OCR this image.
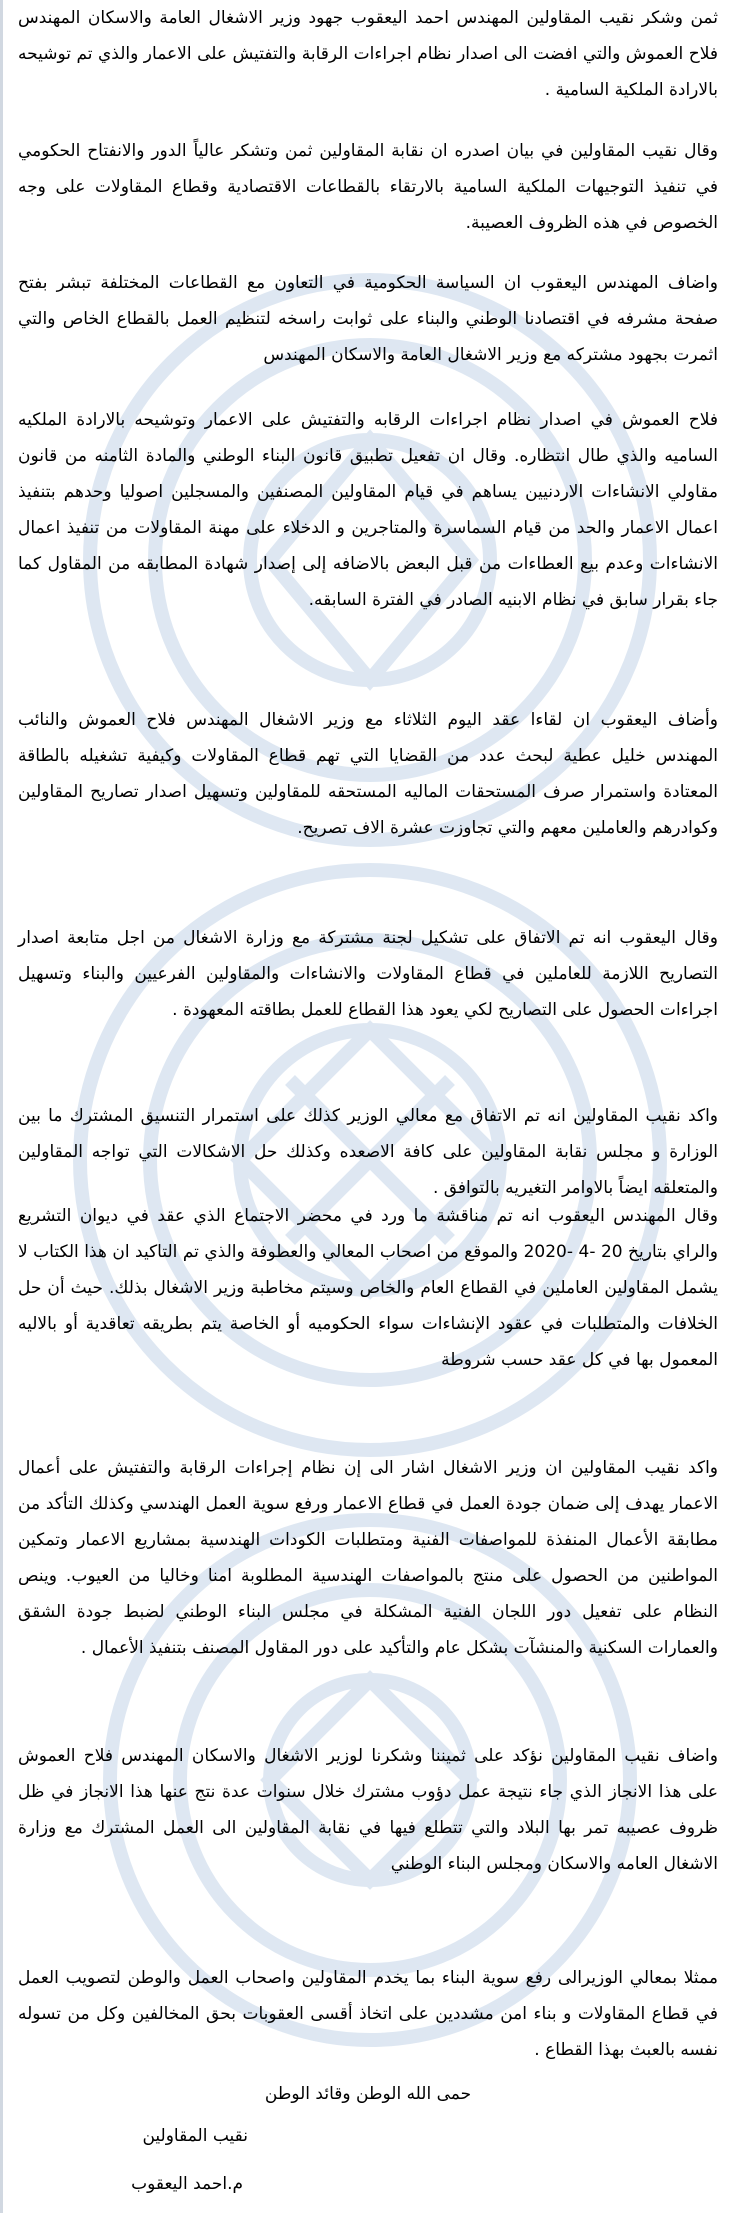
ثمن وشكر نقيب المقاولين المهندس احمد اليعقوب جهود وزير الاشغال العامة والاسكان المهندس فلاح العموش والتي افضت الى اصدار نظام اجراءات الرقابة والتفتيش على الاعمار والذي تم توشيحه بالارادة الملكية السامية .

وقال نقيب المقاولين في بيان اصدره ان نقابة المقاولين ثمن وتشكر عالياً الدور والانفتاح الحكومي في تنفيذ التوجيهات الملكية السامية بالارتقاء بالقطاعات الاقتصادية وقطاع المقاولات على وجه الخصوص في هذه الظروف العصيبة.

واضاف المهندس اليعقوب ان السياسة الحكومية في التعاون مع القطاعات المختلفة تبشر بفتح صفحة مشرفه في اقتصادنا الوطني والبناء على ثوابت راسخه لتنظيم العمل بالقطاع الخاص والتي اثمرت بجهود مشتركه مع وزير الاشغال العامة والاسكان المهندس

فلاح العموش في اصدار نظام اجراءات الرقابه والتفتيش على الاعمار وتوشيحه بالارادة الملكيه الساميه والذي طال انتظاره. وقال ان تفعيل تطبيق قانون البناء الوطني والمادة الثامنه من قانون مقاولي الانشاءات الاردنيين يساهم في قيام المقاولين المصنفين والمسجلين اصوليا وحدهم بتنفيذ اعمال الاعمار والحد من قيام السماسرة والمتاجرين و الدخلاء على مهنة المقاولات من تنفيذ اعمال الانشاءات وعدم بيع العطاءات من قبل البعض بالاضافه إلى إصدار شهادة المطابقه من المقاول كما جاء بقرار سابق في نظام الابنيه الصادر في الفترة السابقه.

وأضاف اليعقوب ان لقاءا عقد اليوم الثلاثاء مع وزير الاشغال المهندس فلاح العموش والنائب المهندس خليل عطية لبحث عدد من القضايا التي تهم قطاع المقاولات وكيفية تشغيله بالطاقة المعتادة واستمرار صرف المستحقات الماليه المستحقه للمقاولين وتسهيل اصدار تصاريح المقاولين وكوادرهم والعاملين معهم والتي تجاوزت عشرة الاف تصريح.

وقال اليعقوب انه تم الاتفاق على تشكيل لجنة مشتركة مع وزارة الاشغال من اجل متابعة اصدار التصاريح اللازمة للعاملين في قطاع المقاولات والانشاءات والمقاولين الفرعيين والبناء وتسهيل اجراءات الحصول على التصاريح لكي يعود هذا القطاع للعمل بطاقته المعهودة .

واكد نقيب المقاولين انه تم الاتفاق مع معالي الوزير كذلك على استمرار التنسيق المشترك ما بين الوزارة و مجلس نقابة المقاولين على كافة الاصعده وكذلك حل الاشكالات التي تواجه المقاولين والمتعلقه ايضاً بالاوامر التغيريه بالتوافق .

وقال المهندس اليعقوب انه تم مناقشة ما ورد في محضر الاجتماع الذي عقد في ديوان التشريع والراي بتاريخ 20 -4 -2020 والموقع من اصحاب المعالي والعطوفة والذي تم التاكيد ان هذا الكتاب لا يشمل المقاولين العاملين في القطاع العام والخاص وسيتم مخاطبة وزير الاشغال بذلك. حيث أن حل الخلافات والمتطلبات في عقود الإنشاءات سواء الحكوميه أو الخاصة يتم بطريقه تعاقدية أو بالاليه المعمول بها في كل عقد حسب شروطة

واكد نقيب المقاولين ان وزير الاشغال اشار الى إن نظام إجراءات الرقابة والتفتيش على أعمال الاعمار يهدف إلى ضمان جودة العمل في قطاع الاعمار ورفع سوية العمل الهندسي وكذلك التأكد من مطابقة الأعمال المنفذة للمواصفات الفنية ومتطلبات الكودات الهندسية بمشاريع الاعمار وتمكين المواطنين من الحصول على منتج بالمواصفات الهندسية المطلوبة امنا وخاليا من العيوب. وينص النظام على تفعيل دور اللجان الفنية المشكلة في مجلس البناء الوطني لضبط جودة الشقق والعمارات السكنية والمنشآت بشكل عام والتأكيد على دور المقاول المصنف بتنفيذ الأعمال .

واضاف نقيب المقاولين نؤكد على ثميننا وشكرنا لوزير الاشغال والاسكان المهندس فلاح العموش على هذا الانجاز الذي جاء نتيجة عمل دؤوب مشترك خلال سنوات عدة نتج عنها هذا الانجاز في ظل ظروف عصيبه تمر بها البلاد والتي تتطلع فيها في نقابة المقاولين الى العمل المشترك مع وزارة الاشغال العامه والاسكان ومجلس البناء الوطني

ممثلا بمعالي الوزيرالى رفع سوية البناء بما يخدم المقاولين واصحاب العمل والوطن لتصويب العمل في قطاع المقاولات و بناء امن مشددين على اتخاذ أقسى العقوبات بحق المخالفين وكل من تسوله نفسه بالعبث بهذا القطاع .

حمى الله الوطن وقائد الوطن

نقيب المقاولين

م.احمد اليعقوب
